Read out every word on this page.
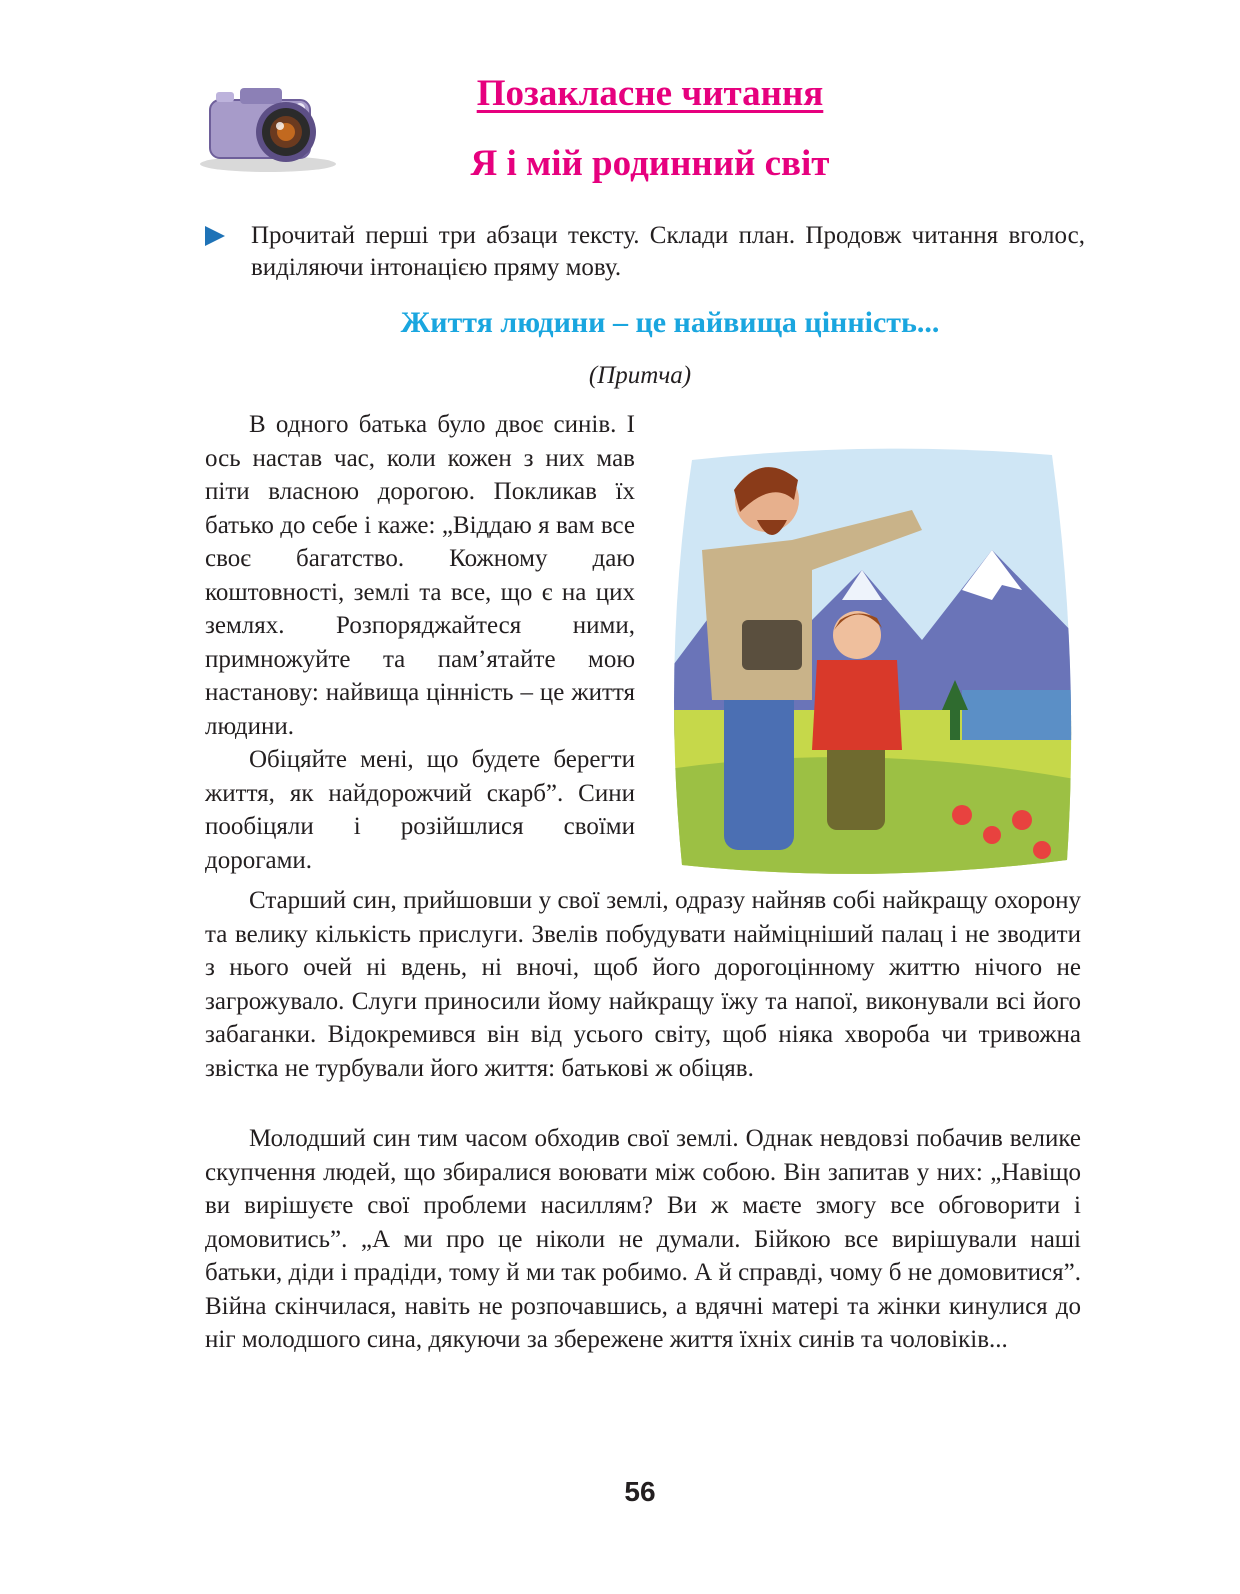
Позакласне читання
Я і мій родинний світ

Прочитай перші три абзаци тексту. Склади план. Продовж читання вголос, виділяючи інтонацією пряму мову.

Життя людини – це найвища цінність...

(Притча)

В одного батька було двоє синів. І ось настав час, коли кожен з них мав піти власною дорогою. Покликав їх батько до себе і каже: „Віддаю я вам все своє багатство. Кожному даю коштовності, землі та все, що є на цих землях. Розпоряджайтеся ними, примножуйте та пам’ятайте мою настанову: найвища цінність – це життя людини.

Обіцяйте мені, що будете берегти життя, як найдорожчий скарб”. Сини пообіцяли і розійшлися своїми дорогами.

Старший син, прийшовши у свої землі, одразу найняв собі найкращу охорону та велику кількість прислуги. Звелів побудувати наймiцнiший палац і не зводити з нього очей ні вдень, ні вночі, щоб його дорогоцінному життю нічого не загрожувало. Слуги приносили йому найкращу їжу та напої, виконували всі його забаганки. Відокремився він від усього світу, щоб ніяка хвороба чи тривожна звістка не турбували його життя: батькові ж обіцяв.

Молодший син тим часом обходив свої землі. Однак невдовзі побачив велике скупчення людей, що збиралися воювати між собою. Він запитав у них: „Навіщо ви вирішуєте свої проблеми насиллям? Ви ж маєте змогу все обговорити і домовитись”. „А ми про це ніколи не думали. Бійкою все вирішували наші батьки, діди і прадіди, тому й ми так робимо. А й справді, чому б не домовитися”. Війна скінчилася, навіть не розпочавшись, а вдячні матері та жінки кинулися до ніг молодшого сина, дякуючи за збережене життя їхніх синів та чоловіків...

56
